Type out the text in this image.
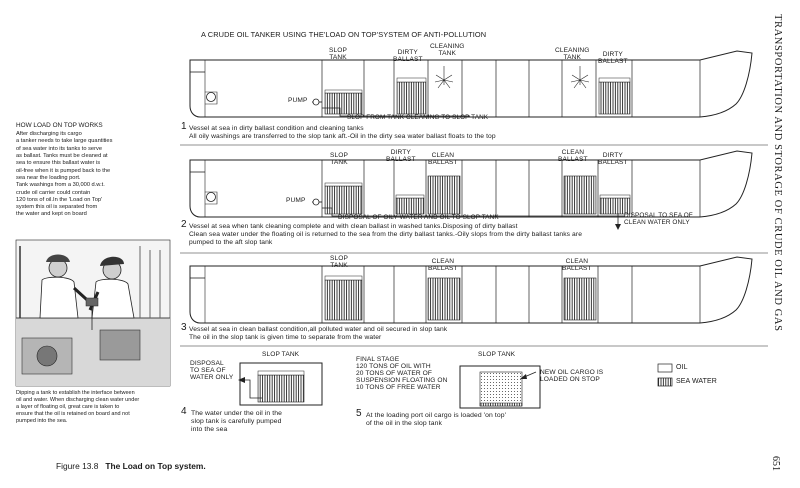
A CRUDE OIL TANKER USING THE'LOAD ON TOP'SYSTEM OF ANTI-POLLUTION
SLOP
TANK
DIRTY
BALLAST
CLEANING
TANK	CLEANING
TANK	DIRTY
BALLAST
PUMP
SLOP FROM TANK CLEANING TO SLOP TANK
1 Vessel at sea in dirty ballast condition and cleaning tanks
All oily washings are transferred to the slop tank aft.-Oil in the dirty sea water ballast floats to the top
SLOP
TANK
DIRTY
BALLAST
CLEAN
BALLAST
CLEAN
BALLAST
DIRTY
BALLAST
PUMP
DISPOSAL OF OILY WATER AND OIL TO SLOP TANK	DISPOSAL TO SEA OF
CLEAN WATER ONLY
2 Vessel at sea when tank cleaning complete and with clean ballast in washed tanks.Disposing of dirty ballast
Clean sea water under the floating oil is returned to the sea from the dirty ballast tanks.-Oily slops from the dirty ballast tanks are
pumped to the aft slop tank
SLOP
TANK
CLEAN
BALLAST
CLEAN
BALLAST
3 Vessel at sea in clean ballast condition,all polluted water and oil secured in slop tank
The oil in the slop tank is given time to separate from the water
SLOP TANK
DISPOSAL
TO SEA OF
WATER ONLY
4 The water under the oil in the
slop tank is carefully pumped
into the sea
FINAL STAGE
120 TONS OF OIL WITH
20 TONS OF WATER OF
SUSPENSION FLOATING ON
10 TONS OF FREE WATER
SLOP TANK
NEW OIL CARGO IS
LOADED ON STOP
5 At the loading port oil cargo is loaded 'on top'
of the oil in the slop tank
OIL
SEA WATER
HOW LOAD ON TOP WORKS
After discharging its cargo
a tanker needs to take large quantities
of sea water into its tanks to serve
as ballast. Tanks must be cleaned at
sea to ensure this ballast water is
oil-free when it is pumped back to the
sea near the loading port.
Tank washings from a 30,000 d.w.t.
crude oil carrier could contain
120 tons of oil.In the 'Load on Top'
system this oil is separated from
the water and kept on board
Dipping a tank to establish the interface between
oil and water. When discharging clean water under
a layer of floating oil, great care is taken to
ensure that the oil is retained on board and not
pumped into the sea.
Figure 13.8 The Load on Top system.
TRANSPORTATION AND STORAGE OF CRUDE OIL AND GAS
651
